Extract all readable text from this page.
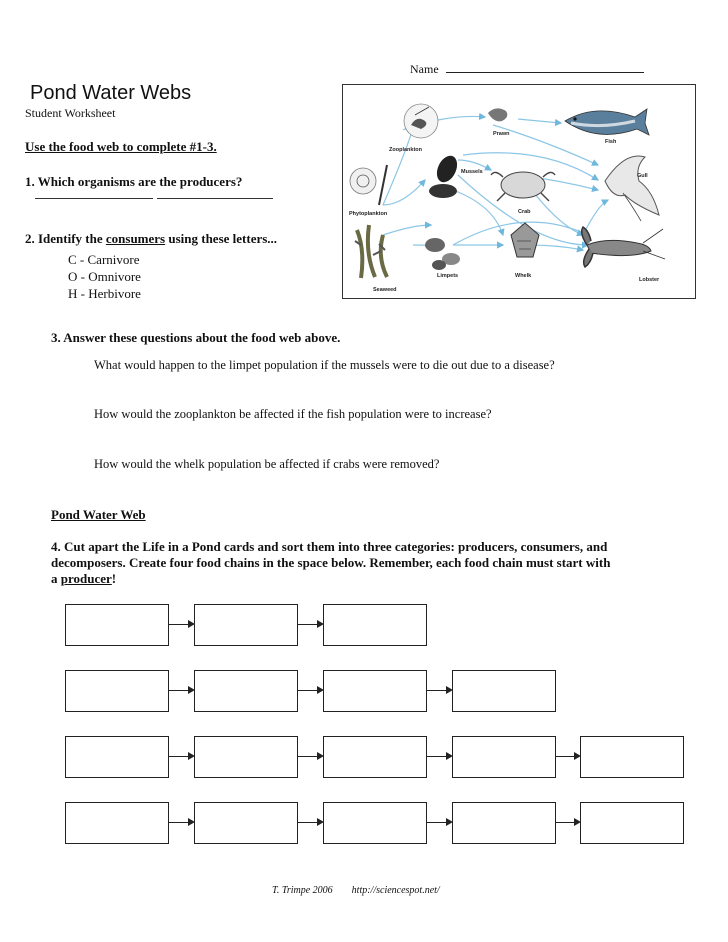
Name
Pond Water Webs
Student Worksheet
Use the food web to complete #1-3.
1. Which organisms are the producers?
2. Identify the consumers using these letters...
C - Carnivore
O - Omnivore
H - Herbivore
Zooplankton
Prawn
Fish
Mussels
Crab
Gull
Phytoplankton
Seaweed
Limpets	Whelk
Lobster
3. Answer these questions about the food web above.
What would happen to the limpet population if the mussels were to die out due to a disease?
How would the zooplankton be affected if the fish population were to increase?
How would the whelk population be affected if crabs were removed?
Pond Water Web
4. Cut apart the Life in a Pond cards and sort them into three categories: producers, consumers, and
decomposers. Create four food chains in the space below. Remember, each food chain must start with
a producer!
T. Trimpe 2006 http://sciencespot.net/
